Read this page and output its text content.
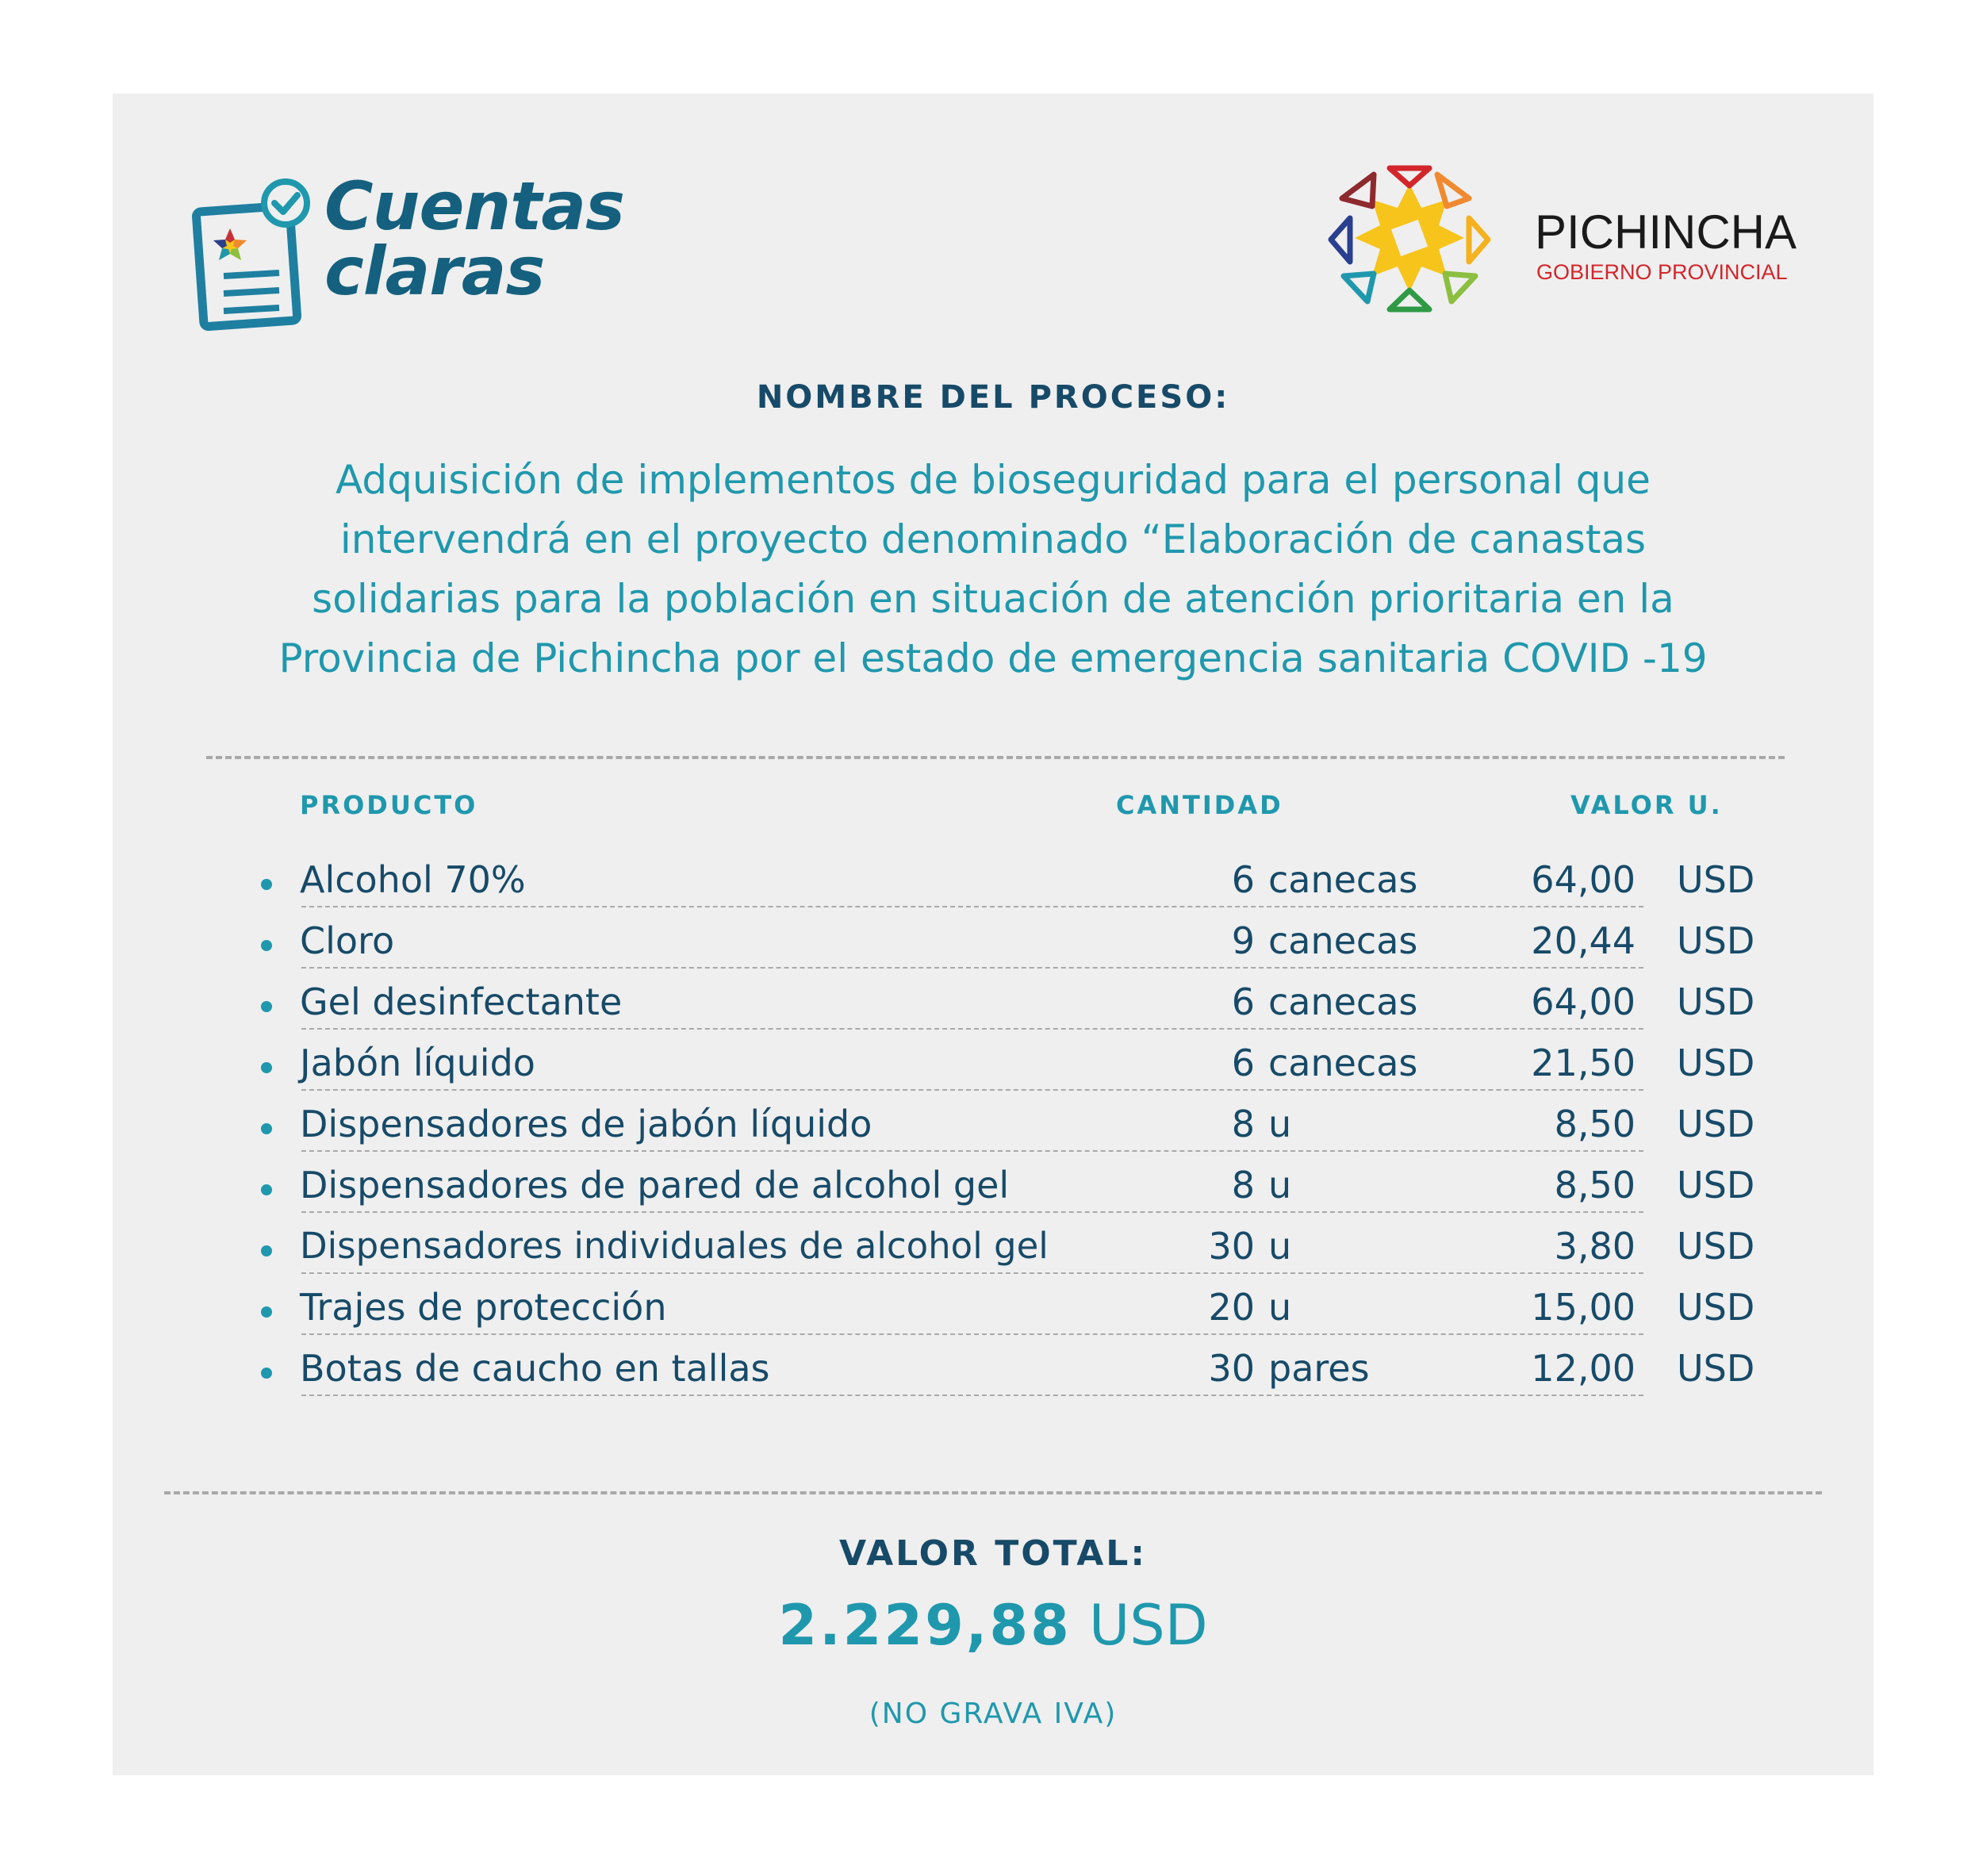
Cuentas
claras
PICHINCHA
GOBIERNO PROVINCIAL
NOMBRE DEL PROCESO:
Adquisición de implementos de bioseguridad para el personal que
intervendrá en el proyecto denominado “Elaboración de canastas
solidarias para la población en situación de atención prioritaria en la
Provincia de Pichincha por el estado de emergencia sanitaria COVID -19
PRODUCTO	CANTIDAD	VALOR U.
Alcohol 70%	6 canecas	64,00 USD
Cloro	9 canecas	20,44 USD
Gel desinfectante	6 canecas	64,00 USD
Jabón líquido	6 canecas	21,50 USD
Dispensadores de jabón líquido	8 u	8,50 USD
Dispensadores de pared de alcohol gel	8 u	8,50 USD
Dispensadores individuales de alcohol gel	30 u	3,80 USD
Trajes de protección	20 u	15,00 USD
Botas de caucho en tallas	30 pares	12,00 USD
VALOR TOTAL:
2.229,88 USD
(NO GRAVA IVA)
